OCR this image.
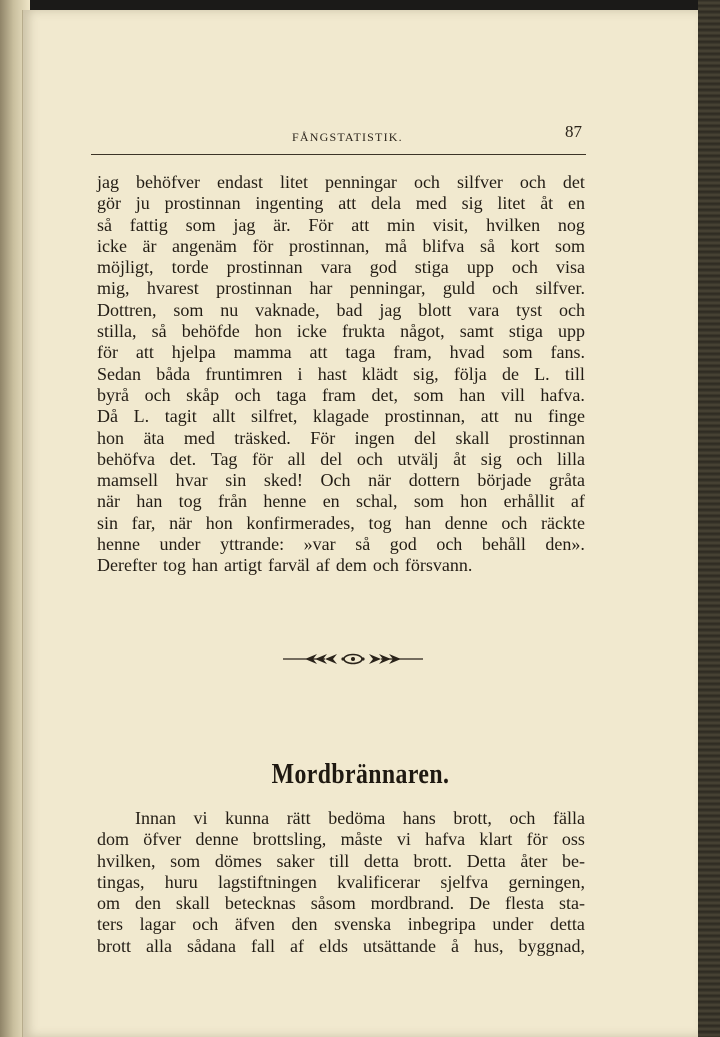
FÅNGSTATISTIK.	87
jag behöfver endast litet penningar och silfver och det
gör ju prostinnan ingenting att dela med sig litet åt en
så fattig som jag är. För att min visit, hvilken nog
icke är angenäm för prostinnan, må blifva så kort som
möjligt, torde prostinnan vara god stiga upp och visa
mig, hvarest prostinnan har penningar, guld och silfver.
Dottren, som nu vaknade, bad jag blott vara tyst och
stilla, så behöfde hon icke frukta något, samt stiga upp
för att hjelpa mamma att taga fram, hvad som fans.
Sedan båda fruntimren i hast klädt sig, följa de L. till
byrå och skåp och taga fram det, som han vill hafva.
Då L. tagit allt silfret, klagade prostinnan, att nu finge
hon äta med träsked. För ingen del skall prostinnan
behöfva det. Tag för all del och utvälj åt sig och lilla
mamsell hvar sin sked! Och när dottern började gråta
när han tog från henne en schal, som hon erhållit af
sin far, när hon konfirmerades, tog han denne och räckte
henne under yttrande: »var så god och behåll den».
Derefter tog han artigt farväl af dem och försvann.
Mordbrännaren.
Innan vi kunna rätt bedöma hans brott, och fälla
dom öfver denne brottsling, måste vi hafva klart för oss
hvilken, som dömes saker till detta brott. Detta åter be-
tingas, huru lagstiftningen kvalificerar sjelfva gerningen,
om den skall betecknas såsom mordbrand. De flesta sta-
ters lagar och äfven den svenska inbegripa under detta
brott alla sådana fall af elds utsättande å hus, byggnad,
